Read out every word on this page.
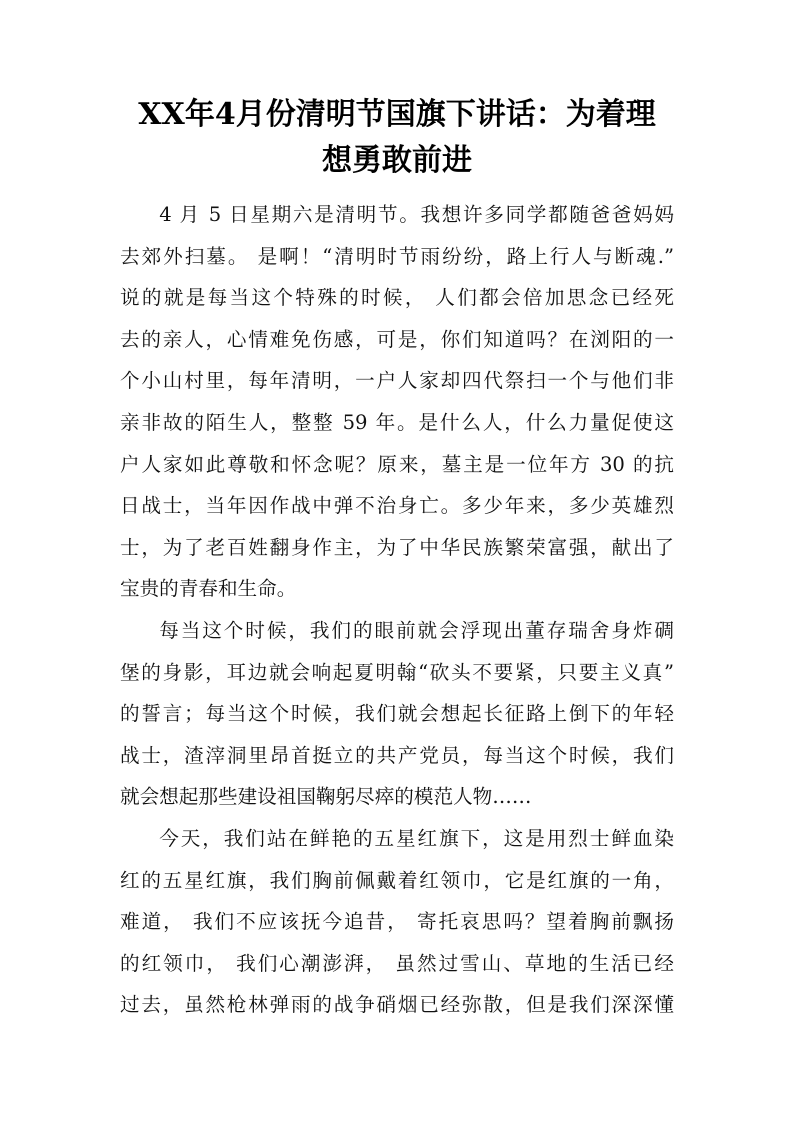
XX年4月份清明节国旗下讲话：为着理
想勇敢前进
4 月 5 日星期六是清明节。我想许多同学都随爸爸妈妈
去郊外扫墓。 是啊！“清明时节雨纷纷，路上行人与断魂.”
说的就是每当这个特殊的时候， 人们都会倍加思念已经死
去的亲人，心情难免伤感，可是，你们知道吗？在浏阳的一
个小山村里，每年清明，一户人家却四代祭扫一个与他们非
亲非故的陌生人，整整 59 年。是什么人，什么力量促使这
户人家如此尊敬和怀念呢？原来，墓主是一位年方 30 的抗
日战士，当年因作战中弹不治身亡。多少年来，多少英雄烈
士，为了老百姓翻身作主，为了中华民族繁荣富强，献出了
宝贵的青春和生命。
每当这个时候，我们的眼前就会浮现出董存瑞舍身炸碉
堡的身影，耳边就会响起夏明翰“砍头不要紧，只要主义真”
的誓言；每当这个时候，我们就会想起长征路上倒下的年轻
战士，渣滓洞里昂首挺立的共产党员，每当这个时候，我们
就会想起那些建设祖国鞠躬尽瘁的模范人物……
今天，我们站在鲜艳的五星红旗下，这是用烈士鲜血染
红的五星红旗，我们胸前佩戴着红领巾，它是红旗的一角，
难道， 我们不应该抚今追昔， 寄托哀思吗？望着胸前飘扬
的红领巾， 我们心潮澎湃， 虽然过雪山、草地的生活已经
过去，虽然枪林弹雨的战争硝烟已经弥散，但是我们深深懂
